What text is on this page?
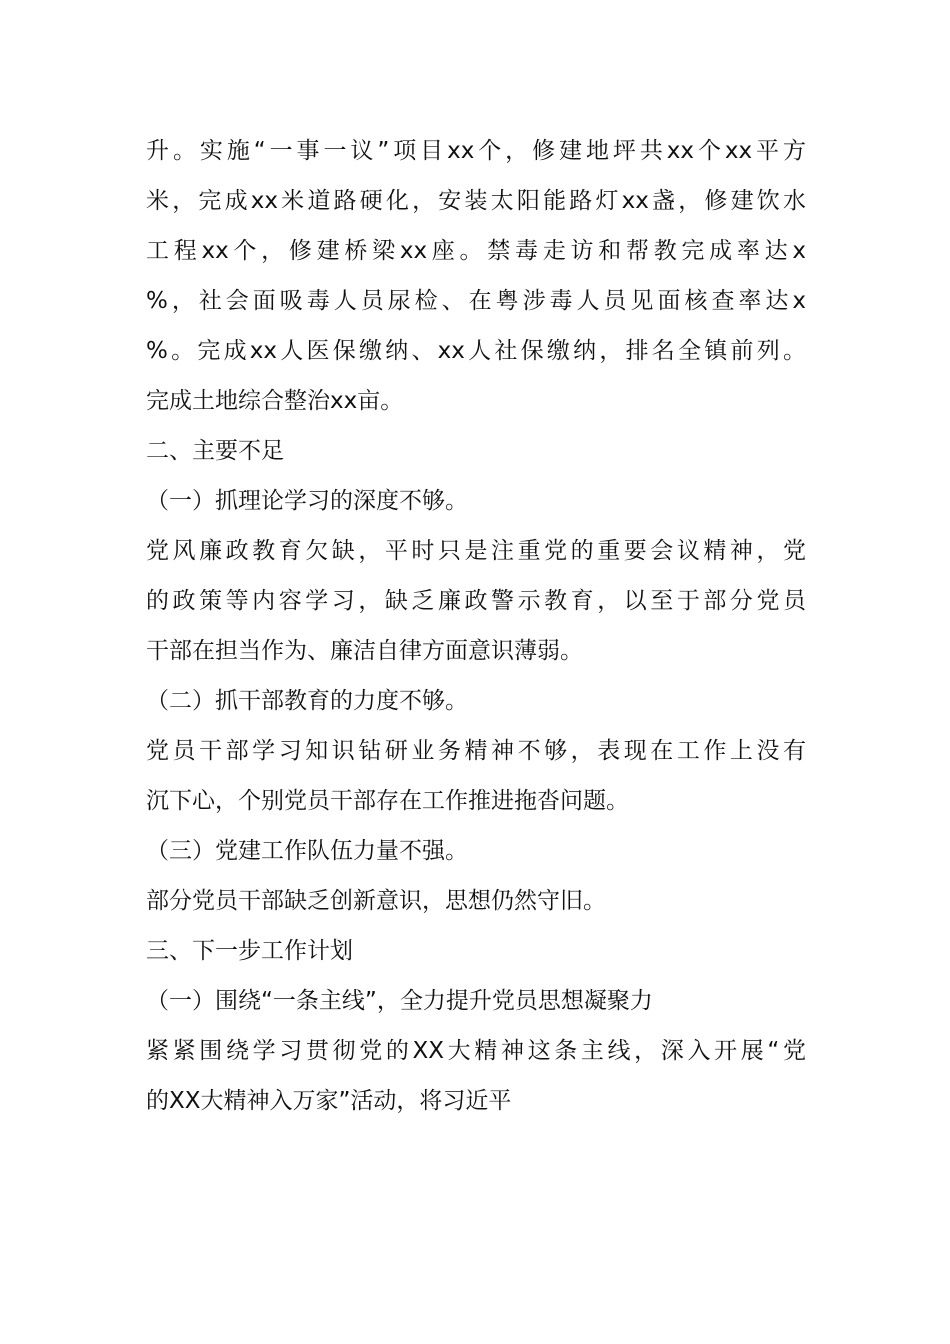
升。实施“一事一议”项目xx个，修建地坪共xx个xx平方
米，完成xx米道路硬化，安装太阳能路灯xx盏，修建饮水
工程xx个，修建桥梁xx座。禁毒走访和帮教完成率达x
%，社会面吸毒人员尿检、在粤涉毒人员见面核查率达x
%。完成xx人医保缴纳、xx人社保缴纳，排名全镇前列。
完成土地综合整治xx亩。
二、主要不足
（一）抓理论学习的深度不够。
党风廉政教育欠缺，平时只是注重党的重要会议精神，党
的政策等内容学习，缺乏廉政警示教育，以至于部分党员
干部在担当作为、廉洁自律方面意识薄弱。
（二）抓干部教育的力度不够。
党员干部学习知识钻研业务精神不够，表现在工作上没有
沉下心，个别党员干部存在工作推进拖沓问题。
（三）党建工作队伍力量不强。
部分党员干部缺乏创新意识，思想仍然守旧。
三、下一步工作计划
（一）围绕“一条主线”，全力提升党员思想凝聚力
紧紧围绕学习贯彻党的XX大精神这条主线，深入开展“党
的XX大精神入万家”活动，将习近平
